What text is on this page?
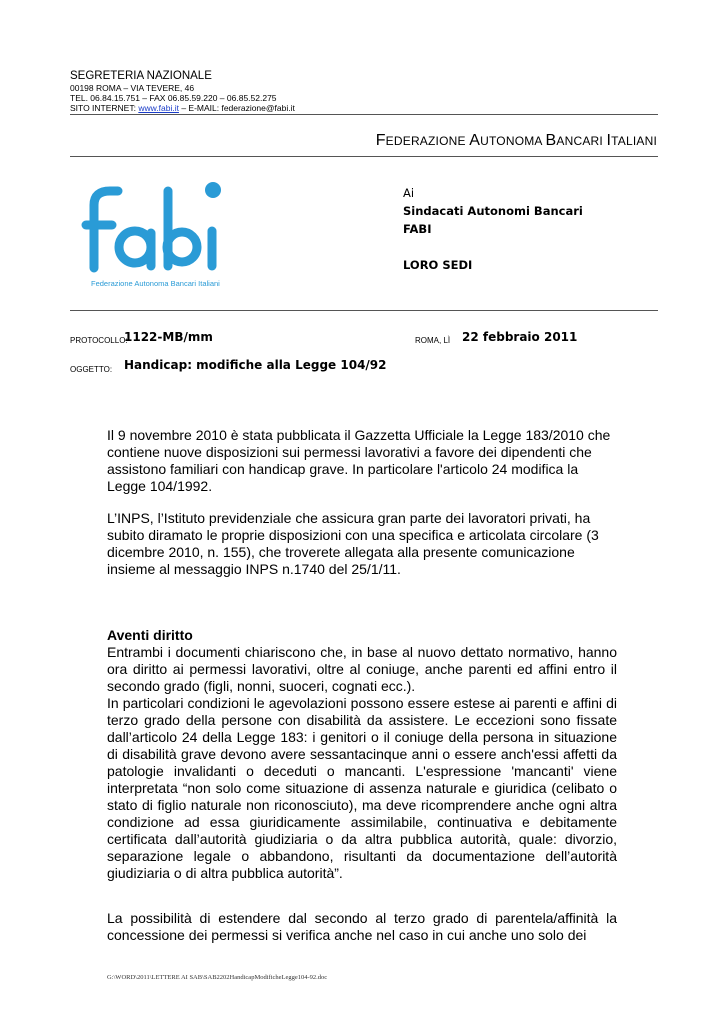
SEGRETERIA NAZIONALE
00198 ROMA – VIA TEVERE, 46
TEL. 06.84.15.751 – FAX 06.85.59.220 – 06.85.52.275
SITO INTERNET: www.fabi.it – E-MAIL: federazione@fabi.it
FEDERAZIONE AUTONOMA BANCARI ITALIANI
Federazione Autonoma Bancari Italiani
Ai
Sindacati Autonomi Bancari
FABI
LORO SEDI
PROTOCOLLO:
1122-MB/mm	ROMA, LÌ 22 febbraio 2011
OGGETTO: Handicap: modifiche alla Legge 104/92

Il 9 novembre 2010 è stata pubblicata il Gazzetta Ufficiale la Legge 183/2010 che contiene nuove disposizioni sui permessi lavorativi a favore dei dipendenti che assistono familiari con handicap grave. In particolare l'articolo 24 modifica la Legge 104/1992.

L’INPS, l’Istituto previdenziale che assicura gran parte dei lavoratori privati, ha subito diramato le proprie disposizioni con una specifica e articolata circolare (3 dicembre 2010, n. 155), che troverete allegata alla presente comunicazione insieme al messaggio INPS n.1740 del 25/1/11.

Aventi diritto

Entrambi i documenti chiariscono che, in base al nuovo dettato normativo, hanno ora diritto ai permessi lavorativi, oltre al coniuge, anche parenti ed affini entro il secondo grado (figli, nonni, suoceri, cognati ecc.).

In particolari condizioni le agevolazioni possono essere estese ai parenti e affini di terzo grado della persone con disabilità da assistere. Le eccezioni sono fissate dall’articolo 24 della Legge 183: i genitori o il coniuge della persona in situazione di disabilità grave devono avere sessantacinque anni o essere anch'essi affetti da patologie invalidanti o deceduti o mancanti. L'espressione 'mancanti' viene interpretata “non solo come situazione di assenza naturale e giuridica (celibato o stato di figlio naturale non riconosciuto), ma deve ricomprendere anche ogni altra condizione ad essa giuridicamente assimilabile, continuativa e debitamente certificata dall’autorità giudiziaria o da altra pubblica autorità, quale: divorzio, separazione legale o abbandono, risultanti da documentazione dell’autorità giudiziaria o di altra pubblica autorità”.

La possibilità di estendere dal secondo al terzo grado di parentela/affinità la concessione dei permessi si verifica anche nel caso in cui anche uno solo dei

G:\WORD\2011\LETTERE AI SAB\SAB2202HandicapModificheLegge104-92.doc
